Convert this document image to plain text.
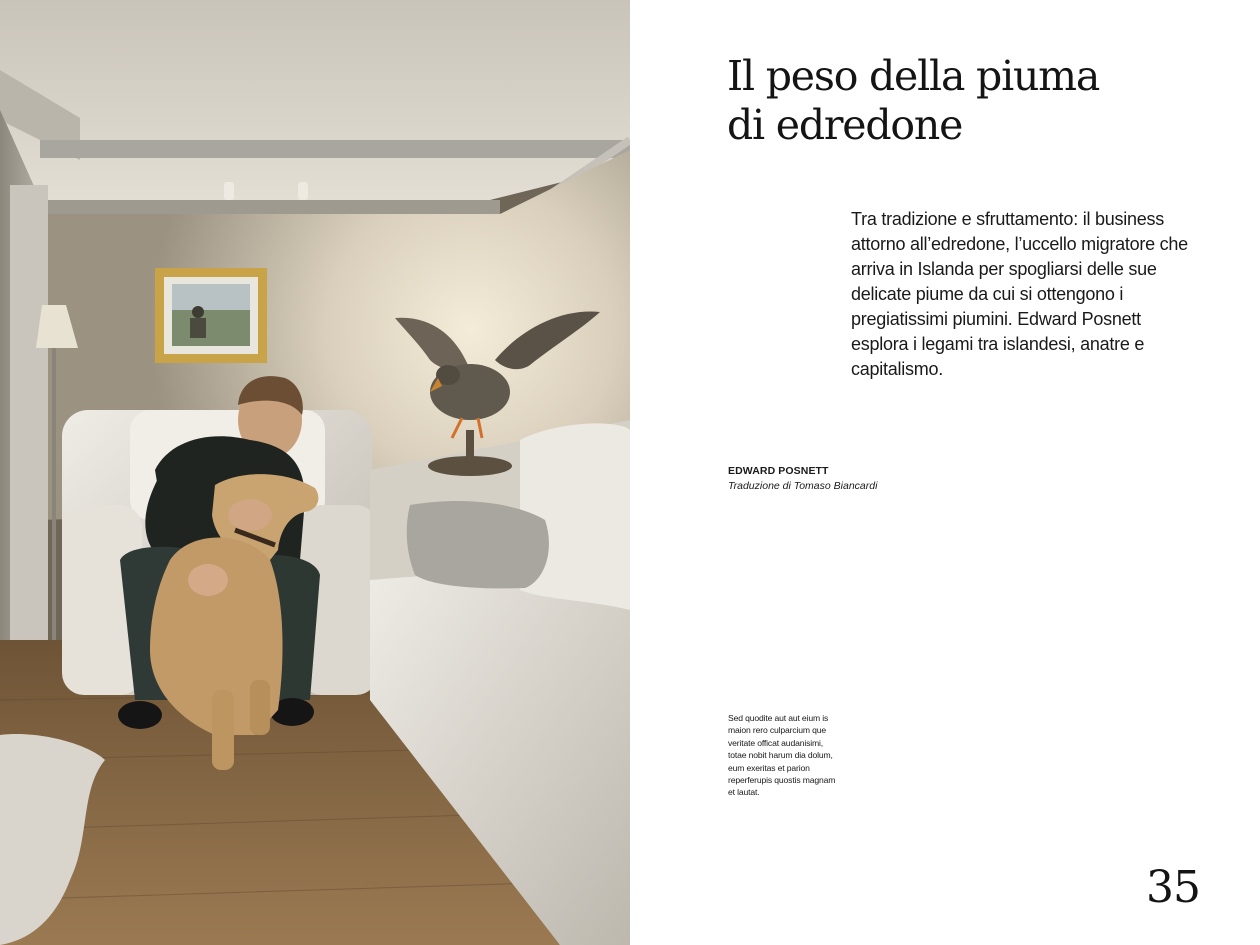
Il peso della piuma
di edredone

Tra tradizione e sfruttamento: il business attorno all’edredone, l’uccello migratore che arriva in Islanda per spogliarsi delle sue delicate piume da cui si ottengono i pregiatissimi piumini. Edward Posnett esplora i legami tra islandesi, anatre e capitalismo.

EDWARD POSNETT
Traduzione di Tomaso Biancardi

Sed quodite aut aut eium is maion rero culparcium que veritate officat audanisimi, totae nobit harum dia dolum, eum exeritas et parion reperferupis quostis magnam et lautat.

35
